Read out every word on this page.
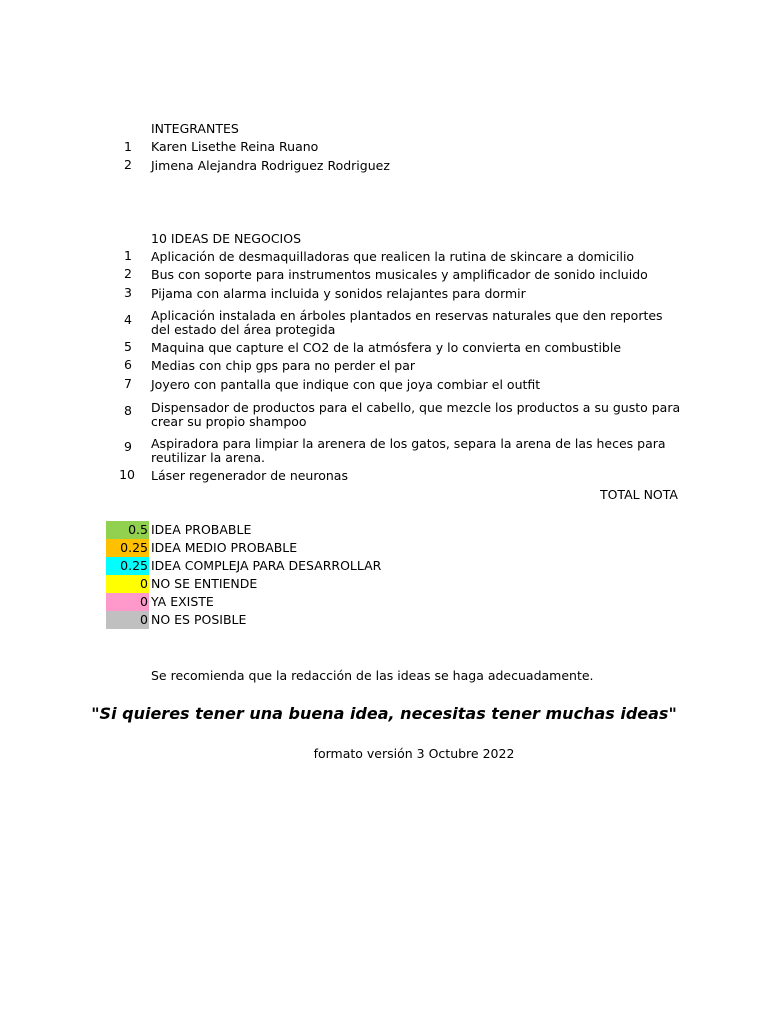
INTEGRANTES
1 Karen Lisethe Reina Ruano
2 Jimena Alejandra Rodriguez Rodriguez
10 IDEAS DE NEGOCIOS
1 Aplicación de desmaquilladoras que realicen la rutina de skincare a domicilio
2 Bus con soporte para instrumentos musicales y amplificador de sonido incluido
3 Pijama con alarma incluida y sonidos relajantes para dormir
4 Aplicación instalada en árboles plantados en reservas naturales que den reportes del estado del área protegida
5 Maquina que capture el CO2 de la atmósfera y lo convierta en combustible
6 Medias con chip gps para no perder el par
7 Joyero con pantalla que indique con que joya combiar el outfit
8 Dispensador de productos para el cabello, que mezcle los productos a su gusto para crear su propio shampoo
9 Aspiradora para limpiar la arenera de los gatos, separa la arena de las heces para reutilizar la arena.
10 Láser regenerador de neuronas
TOTAL NOTA
0.5 IDEA PROBABLE
0.25 IDEA MEDIO PROBABLE
0.25 IDEA COMPLEJA PARA DESARROLLAR
0 NO SE ENTIENDE
0 YA EXISTE
0 NO ES POSIBLE
Se recomienda que la redacción de las ideas se haga adecuadamente.
"Si quieres tener una buena idea, necesitas tener muchas ideas"
formato versión 3 Octubre 2022
